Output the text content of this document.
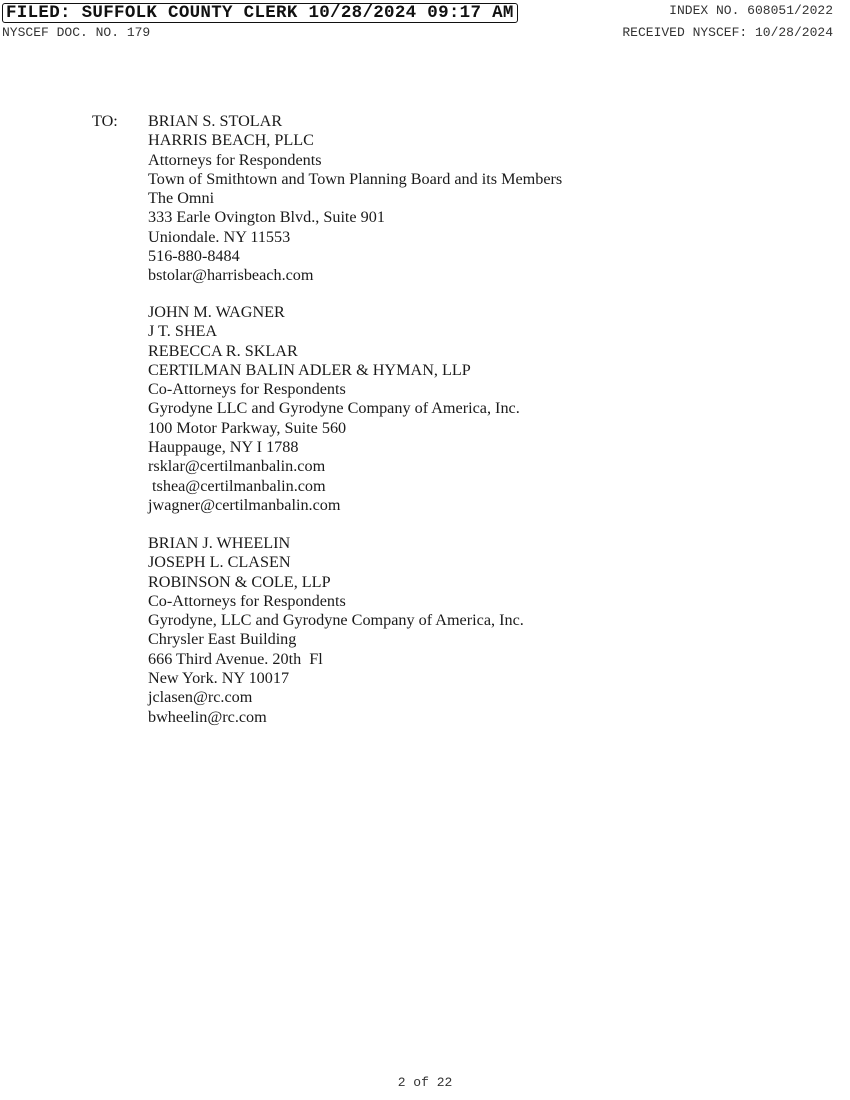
FILED: SUFFOLK COUNTY CLERK 10/28/2024 09:17 AM	INDEX NO. 608051/2022
NYSCEF DOC. NO. 179	RECEIVED NYSCEF: 10/28/2024
TO: BRIAN S. STOLAR
HARRIS BEACH, PLLC
Attorneys for Respondents
Town of Smithtown and Town Planning Board and its Members
The Omni
333 Earle Ovington Blvd., Suite 901
Uniondale. NY 11553
516-880-8484
bstolar@harrisbeach.com
JOHN M. WAGNER
J T. SHEA
REBECCA R. SKLAR
CERTILMAN BALIN ADLER & HYMAN, LLP
Co-Attorneys for Respondents
Gyrodyne LLC and Gyrodyne Company of America, Inc.
100 Motor Parkway, Suite 560
Hauppauge, NY I 1788
rsklar@certilmanbalin.com
tshea@certilmanbalin.com
jwagner@certilmanbalin.com
BRIAN J. WHEELIN
JOSEPH L. CLASEN
ROBINSON & COLE, LLP
Co-Attorneys for Respondents
Gyrodyne, LLC and Gyrodyne Company of America, Inc.
Chrysler East Building
666 Third Avenue. 20th  Fl
New York. NY 10017
jclasen@rc.com
bwheelin@rc.com
2 of 22
